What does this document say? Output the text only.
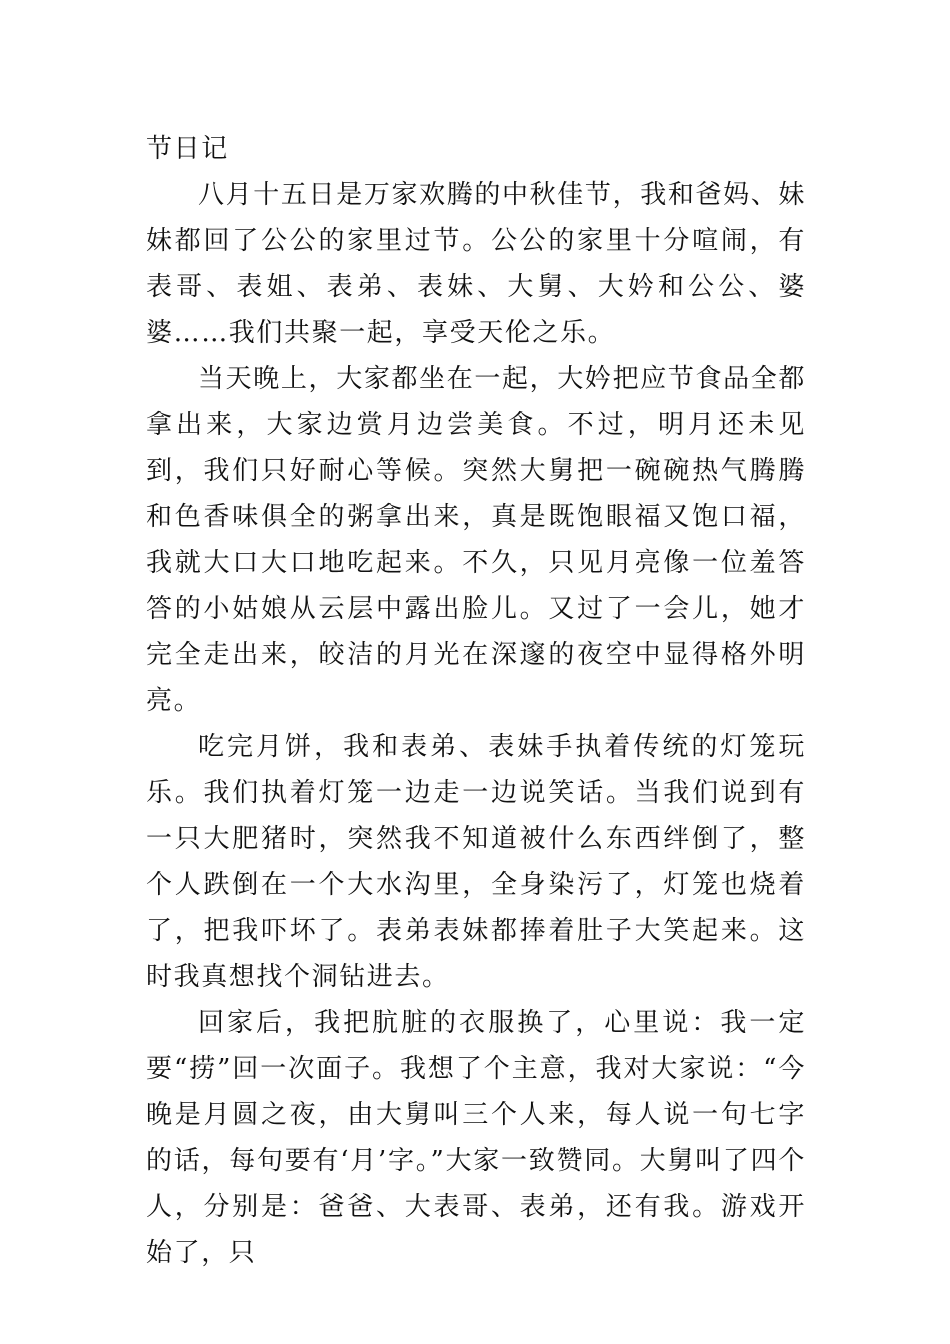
节日记

八月十五日是万家欢腾的中秋佳节，我和爸妈、妹妹都回了公公的家里过节。公公的家里十分喧闹，有表哥、表姐、表弟、表妹、大舅、大妗和公公、婆婆……我们共聚一起，享受天伦之乐。

当天晚上，大家都坐在一起，大妗把应节食品全都拿出来，大家边赏月边尝美食。不过，明月还未见到，我们只好耐心等候。突然大舅把一碗碗热气腾腾和色香味俱全的粥拿出来，真是既饱眼福又饱口福，我就大口大口地吃起来。不久，只见月亮像一位羞答答的小姑娘从云层中露出脸儿。又过了一会儿，她才完全走出来，皎洁的月光在深邃的夜空中显得格外明亮。

吃完月饼，我和表弟、表妹手执着传统的灯笼玩乐。我们执着灯笼一边走一边说笑话。当我们说到有一只大肥猪时，突然我不知道被什么东西绊倒了，整个人跌倒在一个大水沟里，全身染污了，灯笼也烧着了，把我吓坏了。表弟表妹都捧着肚子大笑起来。这时我真想找个洞钻进去。

回家后，我把肮脏的衣服换了，心里说：我一定要“捞”回一次面子。我想了个主意，我对大家说：“今晚是月圆之夜，由大舅叫三个人来，每人说一句七字的话，每句要有‘月’字。”大家一致赞同。大舅叫了四个人，分别是：爸爸、大表哥、表弟，还有我。游戏开始了，只
